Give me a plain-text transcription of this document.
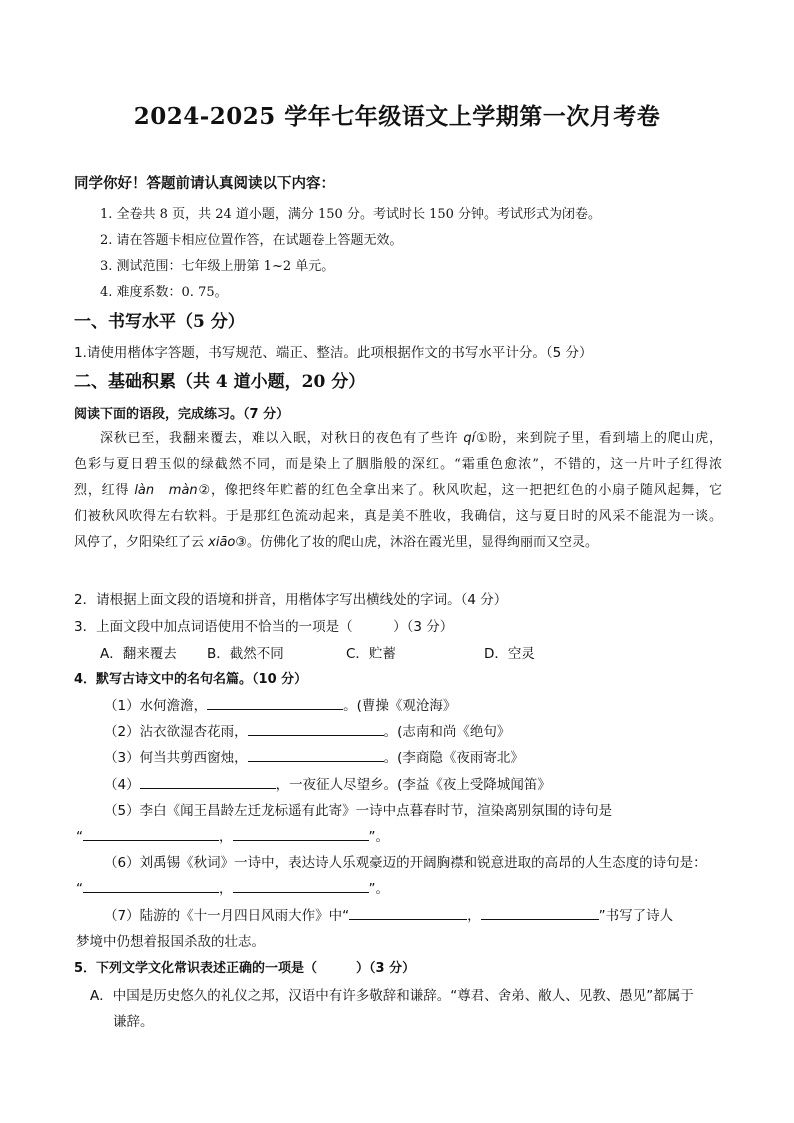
2024-2025 学年七年级语文上学期第一次月考卷
同学你好！答题前请认真阅读以下内容：
1. 全卷共 8 页，共 24 道小题，满分 150 分。考试时长 150 分钟。考试形式为闭卷。
2. 请在答题卡相应位置作答，在试题卷上答题无效。
3. 测试范围：七年级上册第 1~2 单元。
4. 难度系数：0. 75。
一、书写水平（5 分）
1.请使用楷体字答题，书写规范、端正、整洁。此项根据作文的书写水平计分。（5 分）
二、基础积累（共 4 道小题，20 分）
阅读下面的语段，完成练习。（7 分）
深秋已至，我翻来覆去，难以入眠，对秋日的夜色有了些许 qí①盼，来到院子里，看到墙上的爬山虎，
色彩与夏日碧玉似的绿截然不同，而是染上了胭脂般的深红。“霜重色愈浓”，不错的，这一片叶子红得浓
烈，红得 làn　màn②，像把终年贮蓄的红色全拿出来了。秋风吹起，这一把把红色的小扇子随风起舞，它
们被秋风吹得左右软料。于是那红色流动起来，真是美不胜收，我确信，这与夏日时的风采不能混为一谈。
风停了，夕阳染红了云 xiāo③。仿佛化了妆的爬山虎，沐浴在霞光里，显得绚丽而又空灵。
2．请根据上面文段的语境和拼音，用楷体字写出横线处的字词。（4 分）
3．上面文段中加点词语使用不恰当的一项是（　　　）（3 分）
A．翻来覆去 B．截然不同	C．贮蓄	D．空灵
4．默写古诗文中的名句名篇。（10 分）
（1）水何澹澹，	。(曹操《观沧海》
（2）沾衣欲湿杏花雨，	。(志南和尚《绝句》
（3）何当共剪西窗烛，	。(李商隐《夜雨寄北》
（4）	，一夜征人尽望乡。(李益《夜上受降城闻笛》
（5）李白《闻王昌龄左迁龙标遥有此寄》一诗中点暮春时节，渲染离别氛围的诗句是
“	，	”。
（6）刘禹锡《秋词》一诗中，表达诗人乐观豪迈的开阔胸襟和锐意进取的高昂的人生态度的诗句是：
“	，	”。
（7）陆游的《十一月四日风雨大作》中“	，	”书写了诗人
梦境中仍想着报国杀敌的壮志。
5．下列文学文化常识表述正确的一项是（　　　）（3 分）
A．中国是历史悠久的礼仪之邦，汉语中有许多敬辞和谦辞。“尊君、舍弟、敝人、见教、愚见”都属于
谦辞。
